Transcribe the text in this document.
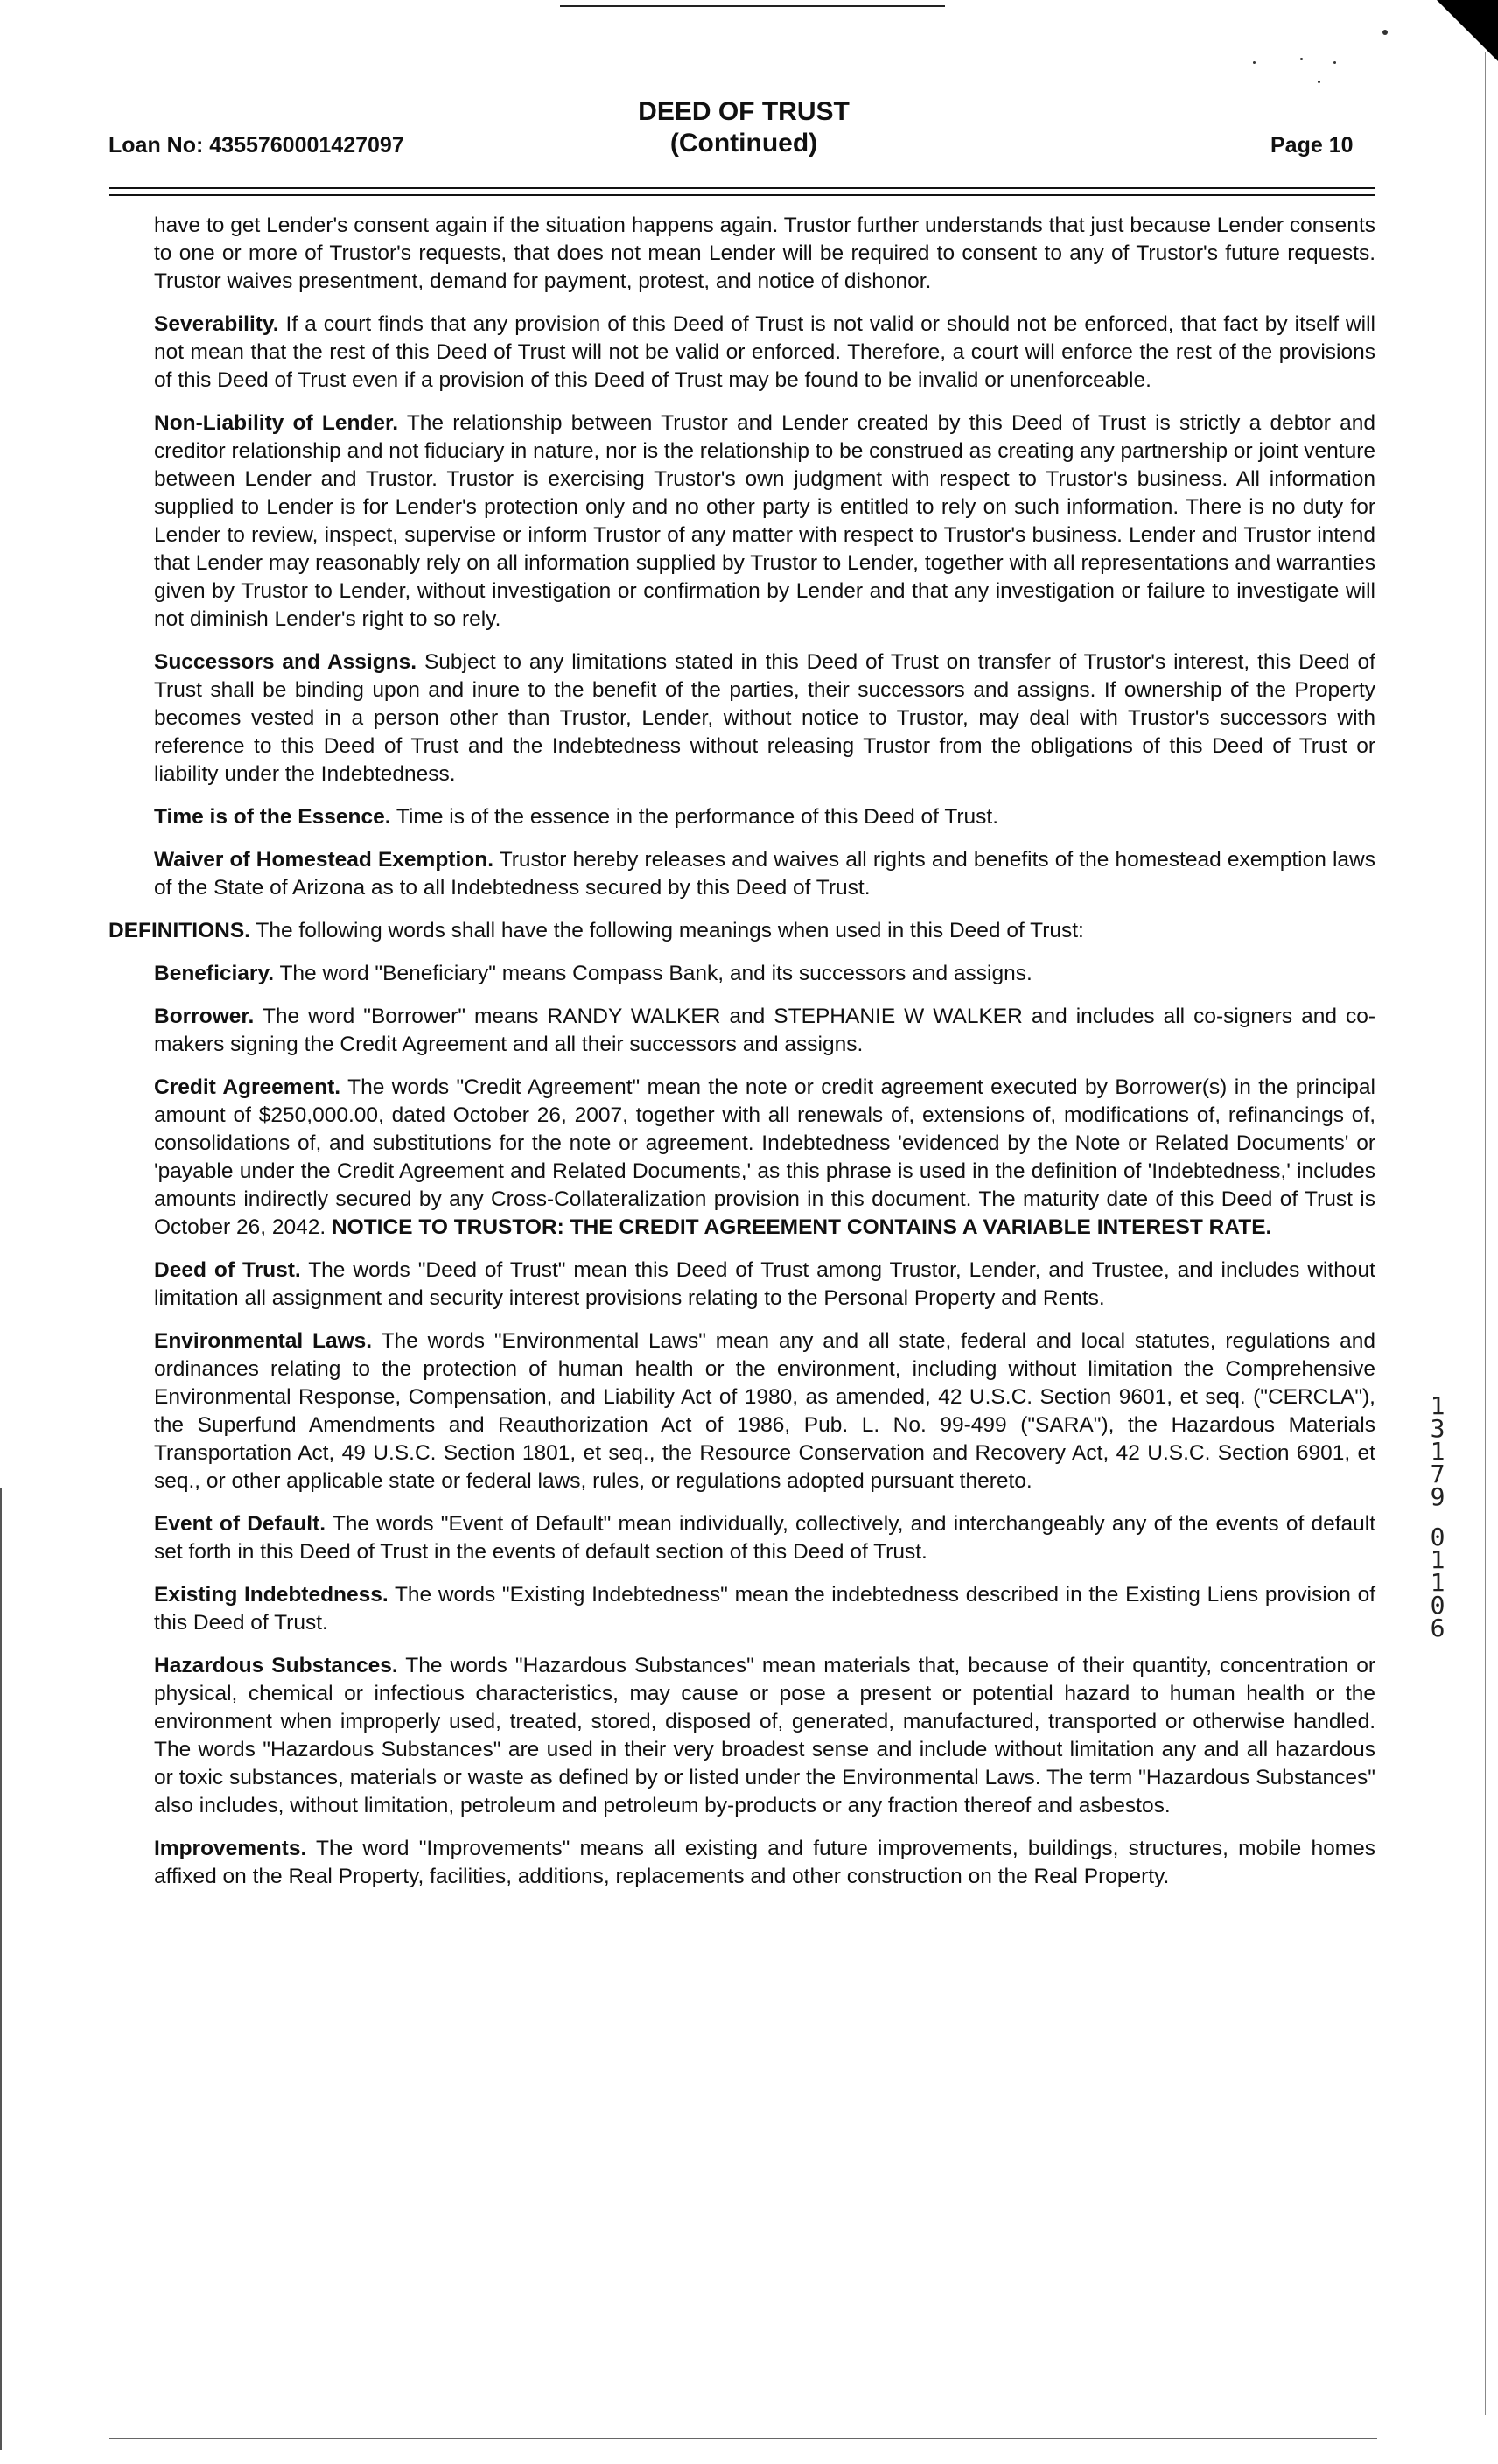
Loan No: 4355760001427097
DEED OF TRUST
(Continued)	Page 10

have to get Lender's consent again if the situation happens again. Trustor further understands that just because Lender consents to one or more of Trustor's requests, that does not mean Lender will be required to consent to any of Trustor's future requests. Trustor waives presentment, demand for payment, protest, and notice of dishonor.

Severability. If a court finds that any provision of this Deed of Trust is not valid or should not be enforced, that fact by itself will not mean that the rest of this Deed of Trust will not be valid or enforced. Therefore, a court will enforce the rest of the provisions of this Deed of Trust even if a provision of this Deed of Trust may be found to be invalid or unenforceable.

Non-Liability of Lender. The relationship between Trustor and Lender created by this Deed of Trust is strictly a debtor and creditor relationship and not fiduciary in nature, nor is the relationship to be construed as creating any partnership or joint venture between Lender and Trustor. Trustor is exercising Trustor's own judgment with respect to Trustor's business. All information supplied to Lender is for Lender's protection only and no other party is entitled to rely on such information. There is no duty for Lender to review, inspect, supervise or inform Trustor of any matter with respect to Trustor's business. Lender and Trustor intend that Lender may reasonably rely on all information supplied by Trustor to Lender, together with all representations and warranties given by Trustor to Lender, without investigation or confirmation by Lender and that any investigation or failure to investigate will not diminish Lender's right to so rely.

Successors and Assigns. Subject to any limitations stated in this Deed of Trust on transfer of Trustor's interest, this Deed of Trust shall be binding upon and inure to the benefit of the parties, their successors and assigns. If ownership of the Property becomes vested in a person other than Trustor, Lender, without notice to Trustor, may deal with Trustor's successors with reference to this Deed of Trust and the Indebtedness without releasing Trustor from the obligations of this Deed of Trust or liability under the Indebtedness.

Time is of the Essence. Time is of the essence in the performance of this Deed of Trust.

Waiver of Homestead Exemption. Trustor hereby releases and waives all rights and benefits of the homestead exemption laws of the State of Arizona as to all Indebtedness secured by this Deed of Trust.

DEFINITIONS. The following words shall have the following meanings when used in this Deed of Trust:

Beneficiary. The word "Beneficiary" means Compass Bank, and its successors and assigns.

Borrower. The word "Borrower" means RANDY WALKER and STEPHANIE W WALKER and includes all co-signers and co-makers signing the Credit Agreement and all their successors and assigns.

Credit Agreement. The words "Credit Agreement" mean the note or credit agreement executed by Borrower(s) in the principal amount of $250,000.00, dated October 26, 2007, together with all renewals of, extensions of, modifications of, refinancings of, consolidations of, and substitutions for the note or agreement. Indebtedness 'evidenced by the Note or Related Documents' or 'payable under the Credit Agreement and Related Documents,' as this phrase is used in the definition of 'Indebtedness,' includes amounts indirectly secured by any Cross-Collateralization provision in this document. The maturity date of this Deed of Trust is October 26, 2042. NOTICE TO TRUSTOR: THE CREDIT AGREEMENT CONTAINS A VARIABLE INTEREST RATE.

Deed of Trust. The words "Deed of Trust" mean this Deed of Trust among Trustor, Lender, and Trustee, and includes without limitation all assignment and security interest provisions relating to the Personal Property and Rents.

Environmental Laws. The words "Environmental Laws" mean any and all state, federal and local statutes, regulations and ordinances relating to the protection of human health or the environment, including without limitation the Comprehensive Environmental Response, Compensation, and Liability Act of 1980, as amended, 42 U.S.C. Section 9601, et seq. ("CERCLA"), the Superfund Amendments and Reauthorization Act of 1986, Pub. L. No. 99-499 ("SARA"), the Hazardous Materials Transportation Act, 49 U.S.C. Section 1801, et seq., the Resource Conservation and Recovery Act, 42 U.S.C. Section 6901, et seq., or other applicable state or federal laws, rules, or regulations adopted pursuant thereto.

Event of Default. The words "Event of Default" mean individually, collectively, and interchangeably any of the events of default set forth in this Deed of Trust in the events of default section of this Deed of Trust.

Existing Indebtedness. The words "Existing Indebtedness" mean the indebtedness described in the Existing Liens provision of this Deed of Trust.

Hazardous Substances. The words "Hazardous Substances" mean materials that, because of their quantity, concentration or physical, chemical or infectious characteristics, may cause or pose a present or potential hazard to human health or the environment when improperly used, treated, stored, disposed of, generated, manufactured, transported or otherwise handled. The words "Hazardous Substances" are used in their very broadest sense and include without limitation any and all hazardous or toxic substances, materials or waste as defined by or listed under the Environmental Laws. The term "Hazardous Substances" also includes, without limitation, petroleum and petroleum by-products or any fraction thereof and asbestos.

Improvements. The word "Improvements" means all existing and future improvements, buildings, structures, mobile homes affixed on the Real Property, facilities, additions, replacements and other construction on the Real Property.

1
3
1
7
9
0
1
1
0
6
